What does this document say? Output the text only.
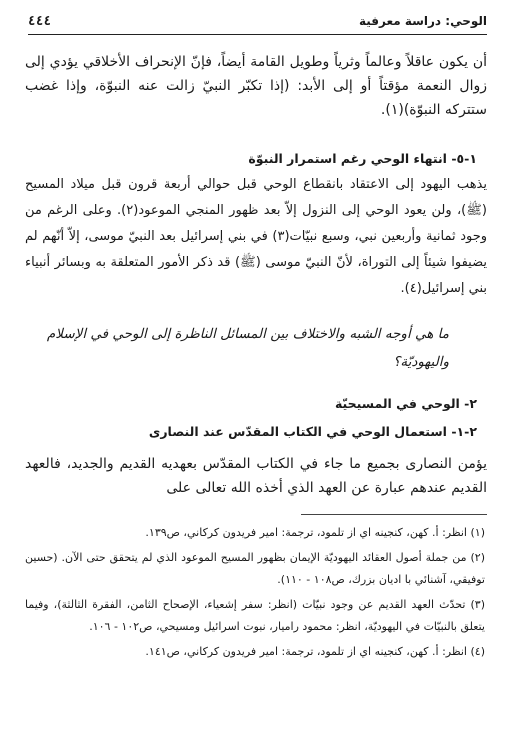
الوحي: دراسة معرفية
٤٤٤

أن يكون عاقلاً وعالماً وثرياً وطويل القامة أيضاً، فإنّ الإنحراف الأخلاقي يؤدي إلى زوال النعمة مؤقتاً أو إلى الأبد: (إذا تكبّر النبيّ زالت عنه النبوّة، وإذا غضب ستتركه النبوّة)(١).

١-٥- انتهاء الوحي رغم استمرار النبوّة

يذهب اليهود إلى الاعتقاد بانقطاع الوحي قبل حوالي أربعة قرون قبل ميلاد المسيح (ﷺ)، ولن يعود الوحي إلى النزول إلاّ بعد ظهور المنجي الموعود(٢). وعلى الرغم من وجود ثمانية وأربعين نبي، وسبع نبيّات(٣) في بني إسرائيل بعد النبيّ موسى، إلاّ أنّهم لم يضيفوا شيئاً إلى التوراة، لأنّ النبيّ موسى (ﷺ) قد ذكر الأمور المتعلقة به وبسائر أنبياء بني إسرائيل(٤).

ما هي أوجه الشبه والاختلاف بين المسائل الناظرة إلى الوحي في الإسلام واليهوديّة؟

٢- الوحي في المسيحيّة

٢-١- استعمال الوحي في الكتاب المقدّس عند النصارى

يؤمن النصارى بجميع ما جاء في الكتاب المقدّس بعهديه القديم والجديد، فالعهد القديم عندهم عبارة عن العهد الذي أخذه الله تعالى على

(١) انظر: أ. كهن، كنجينه اي از تلمود، ترجمة: امير فريدون كركاني، ص١٣٩.

(٢) من جملة أصول العقائد اليهوديّة الإيمان بظهور المسيح الموعود الذي لم يتحقق حتى الآن. (حسين توفيقي، آشنائي با اديان بزرك، ص١٠٨ - ١١٠).

(٣) تحدّث العهد القديم عن وجود نبيّات (انظر: سفر إشعياء، الإصحاح الثامن، الفقرة الثالثة)، وفيما يتعلق بالنبيّات في اليهوديّة، انظر: محمود راميار، نبوت اسرائيل ومسيحي، ص١٠٢ - ١٠٦.

(٤) انظر: أ. كهن، كنجينه اي از تلمود، ترجمة: امير فريدون كركاني، ص١٤١.
